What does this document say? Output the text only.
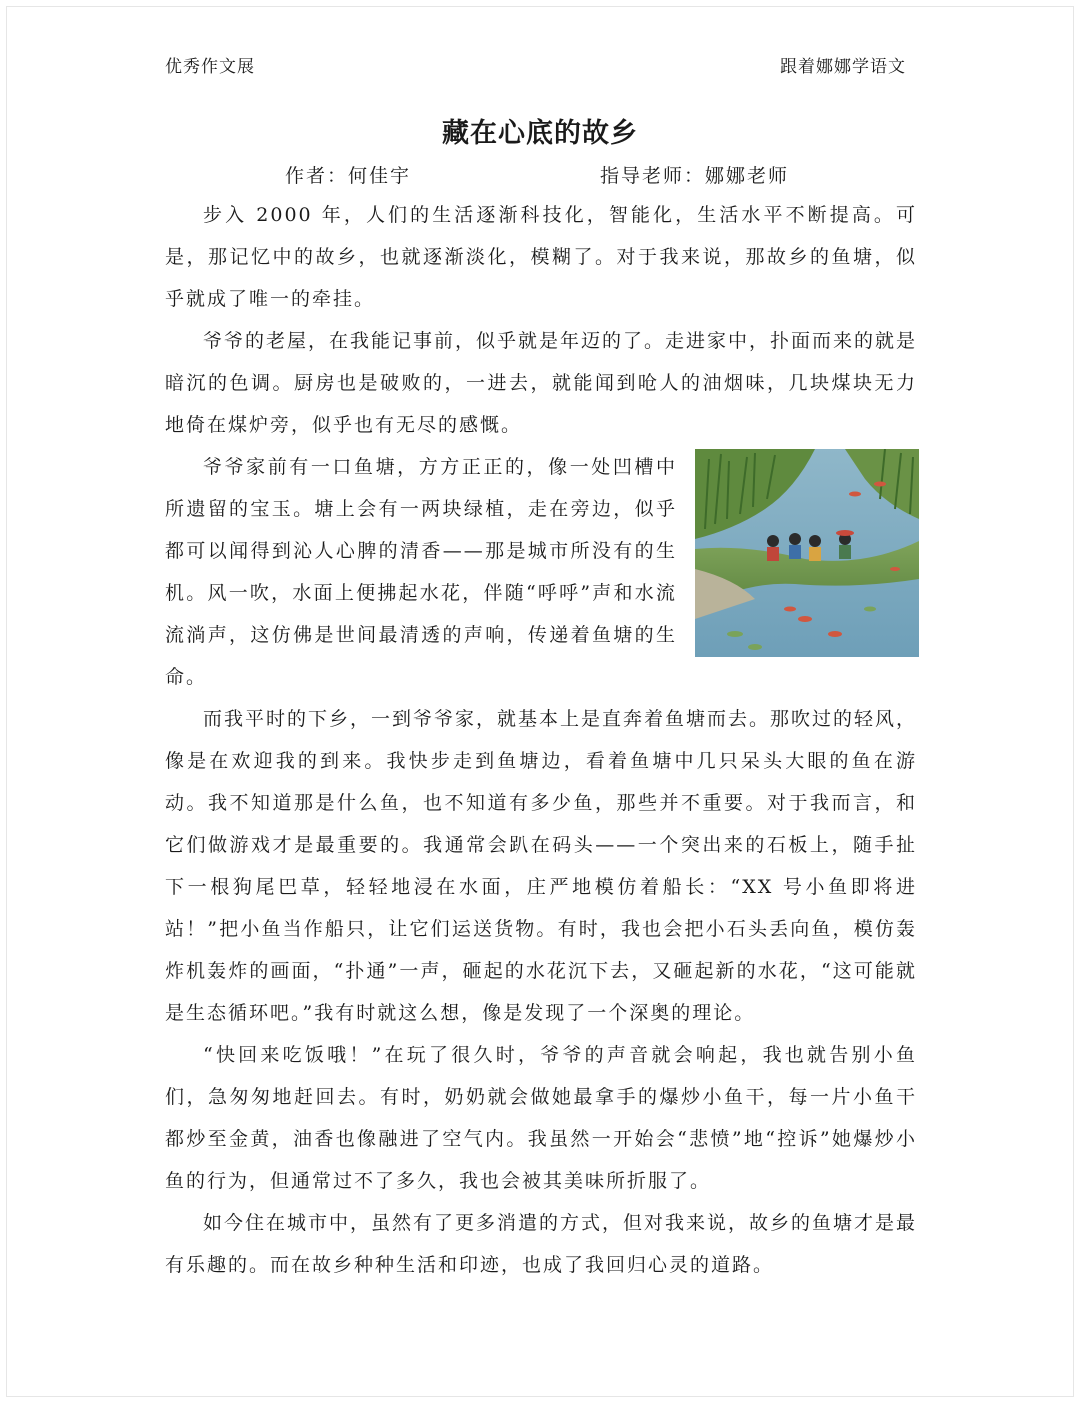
优秀作文展	跟着娜娜学语文
藏在心底的故乡
作者：何佳宇	指导老师：娜娜老师

步入 2000 年，人们的生活逐渐科技化，智能化，生活水平不断提高。可是，那记忆中的故乡，也就逐渐淡化，模糊了。对于我来说，那故乡的鱼塘，似乎就成了唯一的牵挂。

爷爷的老屋，在我能记事前，似乎就是年迈的了。走进家中，扑面而来的就是暗沉的色调。厨房也是破败的，一进去，就能闻到呛人的油烟味，几块煤块无力地倚在煤炉旁，似乎也有无尽的感慨。

爷爷家前有一口鱼塘，方方正正的，像一处凹槽中所遗留的宝玉。塘上会有一两块绿植，走在旁边，似乎都可以闻得到沁人心脾的清香——那是城市所没有的生机。风一吹，水面上便拂起水花，伴随“呼呼”声和水流流淌声，这仿佛是世间最清透的声响，传递着鱼塘的生命。

而我平时的下乡，一到爷爷家，就基本上是直奔着鱼塘而去。那吹过的轻风，像是在欢迎我的到来。我快步走到鱼塘边，看着鱼塘中几只呆头大眼的鱼在游动。我不知道那是什么鱼，也不知道有多少鱼，那些并不重要。对于我而言，和它们做游戏才是最重要的。我通常会趴在码头——一个突出来的石板上，随手扯下一根狗尾巴草，轻轻地浸在水面，庄严地模仿着船长：“XX 号小鱼即将进站！”把小鱼当作船只，让它们运送货物。有时，我也会把小石头丢向鱼，模仿轰炸机轰炸的画面，“扑通”一声，砸起的水花沉下去，又砸起新的水花，“这可能就是生态循环吧。”我有时就这么想，像是发现了一个深奥的理论。

“快回来吃饭哦！”在玩了很久时，爷爷的声音就会响起，我也就告别小鱼们，急匆匆地赶回去。有时，奶奶就会做她最拿手的爆炒小鱼干，每一片小鱼干都炒至金黄，油香也像融进了空气内。我虽然一开始会“悲愤”地“控诉”她爆炒小鱼的行为，但通常过不了多久，我也会被其美味所折服了。

如今住在城市中，虽然有了更多消遣的方式，但对我来说，故乡的鱼塘才是最有乐趣的。而在故乡种种生活和印迹，也成了我回归心灵的道路。
